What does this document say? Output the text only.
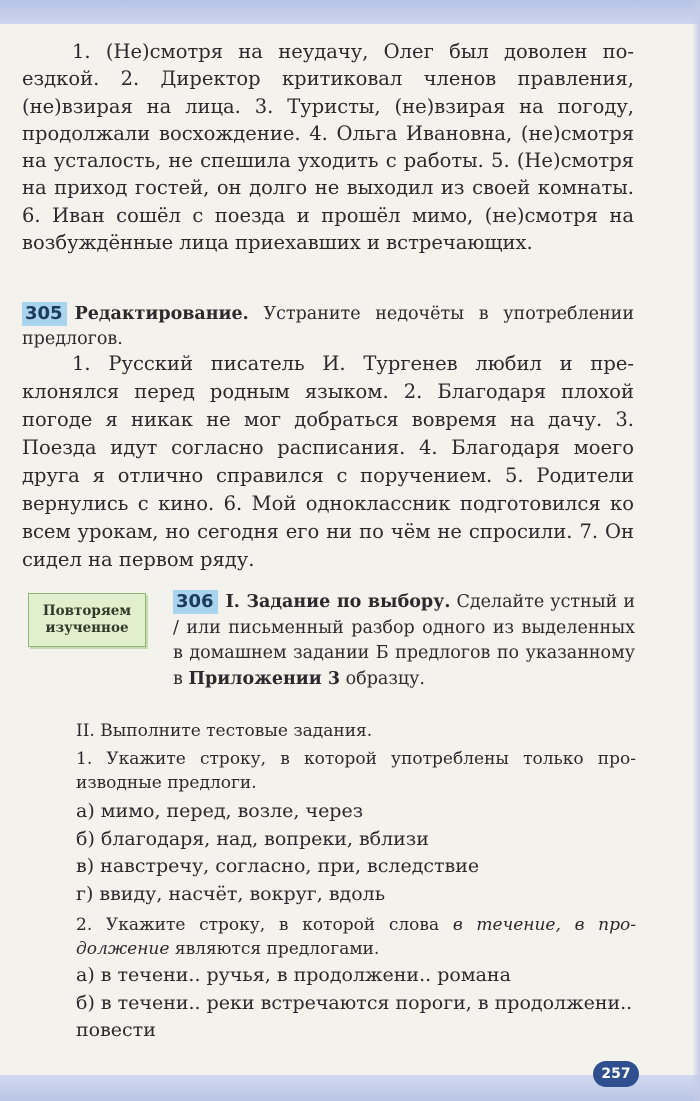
1. (Не)смотря на неудачу, Олег был доволен поездкой. 2. Директор критиковал членов правления, (не)взирая на лица. 3. Туристы, (не)взирая на погоду, продолжали восхождение. 4. Ольга Ивановна, (не)смотря на усталость, не спешила уходить с работы. 5. (Не)смотря на приход гостей, он долго не выходил из своей комнаты. 6. Иван сошёл с поезда и прошёл мимо, (не)смотря на возбуждённые лица приехавших и встречающих.

305 Редактирование. Устраните недочёты в употреблении предлогов.

1. Русский писатель И. Тургенев любил и преклонялся перед родным языком. 2. Благодаря плохой погоде я никак не мог добраться вовремя на дачу. 3. Поезда идут согласно расписания. 4. Благодаря моего друга я отлично справился с поручением. 5. Родители вернулись с кино. 6. Мой одноклассник подготовился ко всем урокам, но сегодня его ни по чём не спросили. 7. Он сидел на первом ряду.

Повторяем
изученное
306 I. Задание по выбору. Сделайте устный и / или письменный разбор одного из выделенных в домашнем задании Б предлогов по указанному в Приложении 3 образцу.
II. Выполните тестовые задания.
1. Укажите строку, в которой употреблены только производные предлоги.
а) мимо, перед, возле, через
б) благодаря, над, вопреки, вблизи
в) навстречу, согласно, при, вследствие
г) ввиду, насчёт, вокруг, вдоль
2. Укажите строку, в которой слова в течение, в продолжение являются предлогами.
а) в течени.. ручья, в продолжени.. романа
б) в течени.. реки встречаются пороги, в продолжени.. повести
257
